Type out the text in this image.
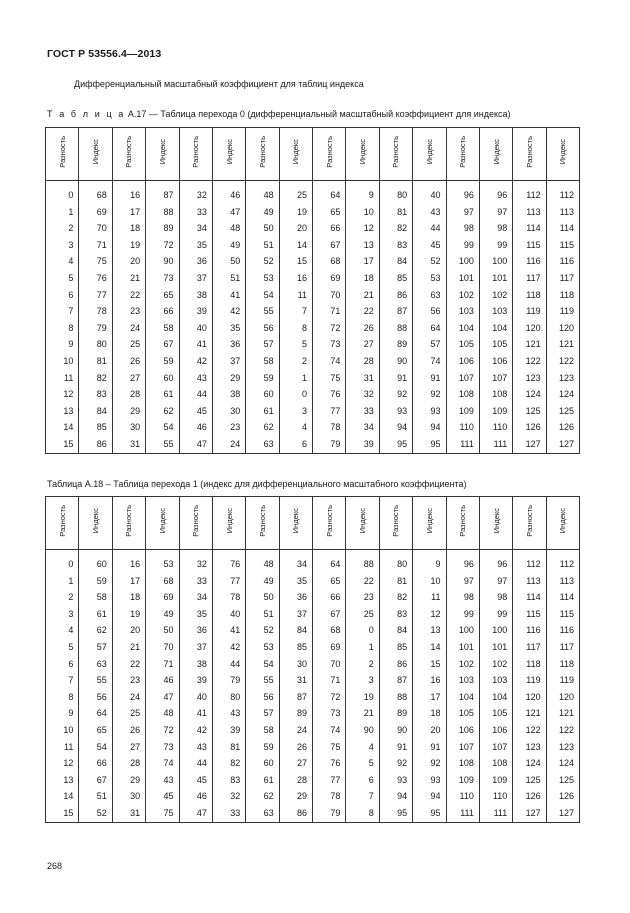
ГОСТ Р 53556.4—2013
Дифференциальный масштабный коэффициент для таблиц индекса
Т а б л и ц а А.17 — Таблица перехода 0 (дифференциальный масштабный коэффициент для индекса)
Разность	Индекс	Разность	Индекс	Разность	Индекс	Разность	Индекс	Разность	Индекс	Разность	Индекс	Разность	Индекс	Разность	Индекс

0	68	16	87	32	46	48	25	64	9	80	40	96	96	112	112
1	69	17	88	33	47	49	19	65	10	81	43	97	97	113	113
2	70	18	89	34	48	50	20	66	12	82	44	98	98	114	114
3	71	19	72	35	49	51	14	67	13	83	45	99	99	115	115
4	75	20	90	36	50	52	15	68	17	84	52	100	100	116	116
5	76	21	73	37	51	53	16	69	18	85	53	101	101	117	117
6	77	22	65	38	41	54	11	70	21	86	63	102	102	118	118
7	78	23	66	39	42	55	7	71	22	87	56	103	103	119	119
8	79	24	58	40	35	56	8	72	26	88	64	104	104	120	120
9	80	25	67	41	36	57	5	73	27	89	57	105	105	121	121
10	81	26	59	42	37	58	2	74	28	90	74	106	106	122	122
11	82	27	60	43	29	59	1	75	31	91	91	107	107	123	123
12	83	28	61	44	38	60	0	76	32	92	92	108	108	124	124
13	84	29	62	45	30	61	3	77	33	93	93	109	109	125	125
14	85	30	54	46	23	62	4	78	34	94	94	110	110	126	126
15	86	31	55	47	24	63	6	79	39	95	95	111	111	127	127
Таблица А.18 – Таблица перехода 1 (индекс для дифференциального масштабного коэффициента)
Разность	Индекс	Разность	Индекс	Разность	Индекс	Разность	Индекс	Разность	Индекс	Разность	Индекс	Разность	Индекс	Разность	Индекс

0	60	16	53	32	76	48	34	64	88	80	9	96	96	112	112
1	59	17	68	33	77	49	35	65	22	81	10	97	97	113	113
2	58	18	69	34	78	50	36	66	23	82	11	98	98	114	114
3	61	19	49	35	40	51	37	67	25	83	12	99	99	115	115
4	62	20	50	36	41	52	84	68	0	84	13	100	100	116	116
5	57	21	70	37	42	53	85	69	1	85	14	101	101	117	117
6	63	22	71	38	44	54	30	70	2	86	15	102	102	118	118
7	55	23	46	39	79	55	31	71	3	87	16	103	103	119	119
8	56	24	47	40	80	56	87	72	19	88	17	104	104	120	120
9	64	25	48	41	43	57	89	73	21	89	18	105	105	121	121
10	65	26	72	42	39	58	24	74	90	90	20	106	106	122	122
11	54	27	73	43	81	59	26	75	4	91	91	107	107	123	123
12	66	28	74	44	82	60	27	76	5	92	92	108	108	124	124
13	67	29	43	45	83	61	28	77	6	93	93	109	109	125	125
14	51	30	45	46	32	62	29	78	7	94	94	110	110	126	126
15	52	31	75	47	33	63	86	79	8	95	95	111	111	127	127
268
